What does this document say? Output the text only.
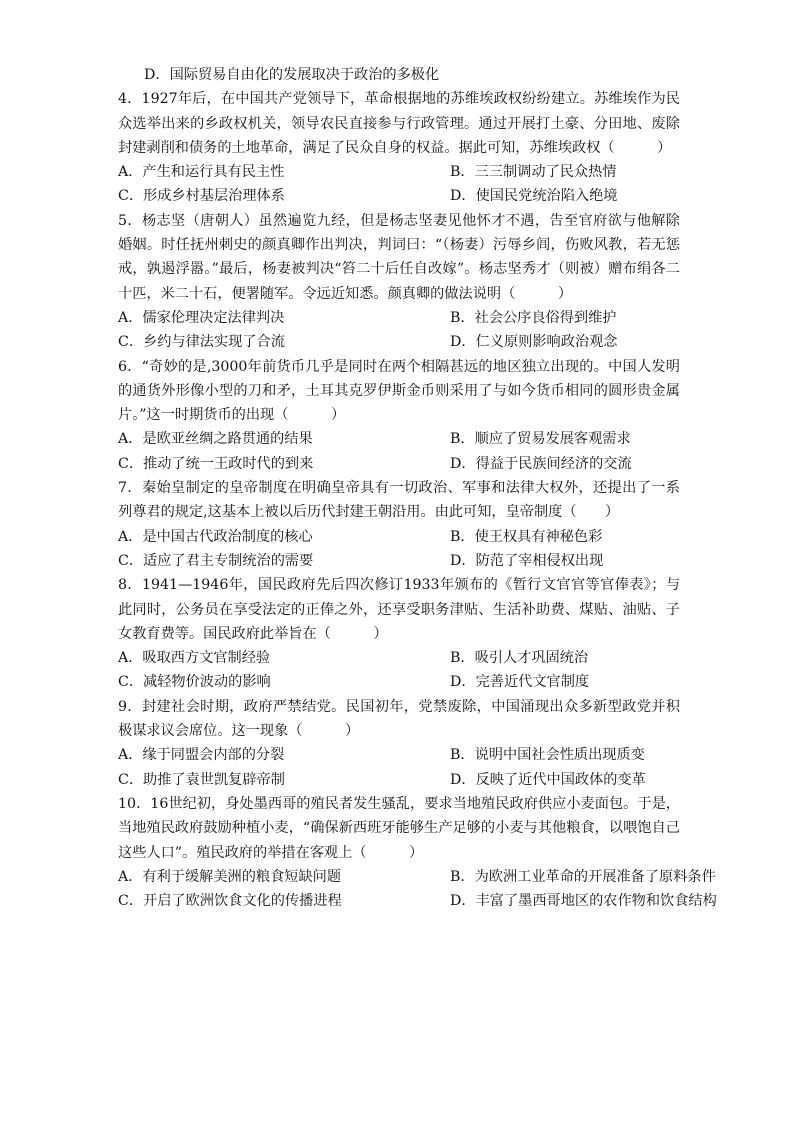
D．国际贸易自由化的发展取决于政治的多极化

4．1927年后，在中国共产党领导下，革命根据地的苏维埃政权纷纷建立。苏维埃作为民众选举出来的乡政权机关，领导农民直接参与行政管理。通过开展打土豪、分田地、废除封建剥削和债务的土地革命，满足了民众自身的权益。据此可知，苏维埃政权（　　　）

A．产生和运行具有民主性	B．三三制调动了民众热情
C．形成乡村基层治理体系	D．使国民党统治陷入绝境

5．杨志坚（唐朝人）虽然遍览九经，但是杨志坚妻见他怀才不遇，告至官府欲与他解除婚姻。时任抚州刺史的颜真卿作出判决，判词曰：“（杨妻）污辱乡闾，伤败风教，若无惩戒，孰遏浮嚣。”最后，杨妻被判决“笞二十后任自改嫁”。杨志坚秀才（则被）赠布绢各二十匹，米二十石，便署随军。令远近知悉。颜真卿的做法说明（　　　）

A．儒家伦理决定法律判决	B．社会公序良俗得到维护
C．乡约与律法实现了合流	D．仁义原则影响政治观念

6．“奇妙的是,3000年前货币几乎是同时在两个相隔甚远的地区独立出现的。中国人发明的通货外形像小型的刀和矛，土耳其克罗伊斯金币则采用了与如今货币相同的圆形贵金属片。”这一时期货币的出现（　　　）

A．是欧亚丝绸之路贯通的结果	B．顺应了贸易发展客观需求
C．推动了统一王政时代的到来	D．得益于民族间经济的交流

7．秦始皇制定的皇帝制度在明确皇帝具有一切政治、军事和法律大权外，还提出了一系列尊君的规定,这基本上被以后历代封建王朝沿用。由此可知，皇帝制度（　　）

A．是中国古代政治制度的核心	B．使王权具有神秘色彩
C．适应了君主专制统治的需要	D．防范了宰相侵权出现

8．1941—1946年，国民政府先后四次修订1933年颁布的《暂行文官官等官俸表》；与此同时，公务员在享受法定的正俸之外，还享受职务津贴、生活补助费、煤贴、油贴、子女教育费等。国民政府此举旨在（　　　）

A．吸取西方文官制经验	B．吸引人才巩固统治
C．减轻物价波动的影响	D．完善近代文官制度

9．封建社会时期，政府严禁结党。民国初年，党禁废除，中国涌现出众多新型政党并积极谋求议会席位。这一现象（　　　）

A．缘于同盟会内部的分裂	B．说明中国社会性质出现质变
C．助推了袁世凯复辟帝制	D．反映了近代中国政体的变革

10．16世纪初，身处墨西哥的殖民者发生骚乱，要求当地殖民政府供应小麦面包。于是，当地殖民政府鼓励种植小麦，“确保新西班牙能够生产足够的小麦与其他粮食，以喂饱自己这些人口”。殖民政府的举措在客观上（　　　）

A．有利于缓解美洲的粮食短缺问题	B．为欧洲工业革命的开展准备了原料条件
C．开启了欧洲饮食文化的传播进程	D．丰富了墨西哥地区的农作物和饮食结构
